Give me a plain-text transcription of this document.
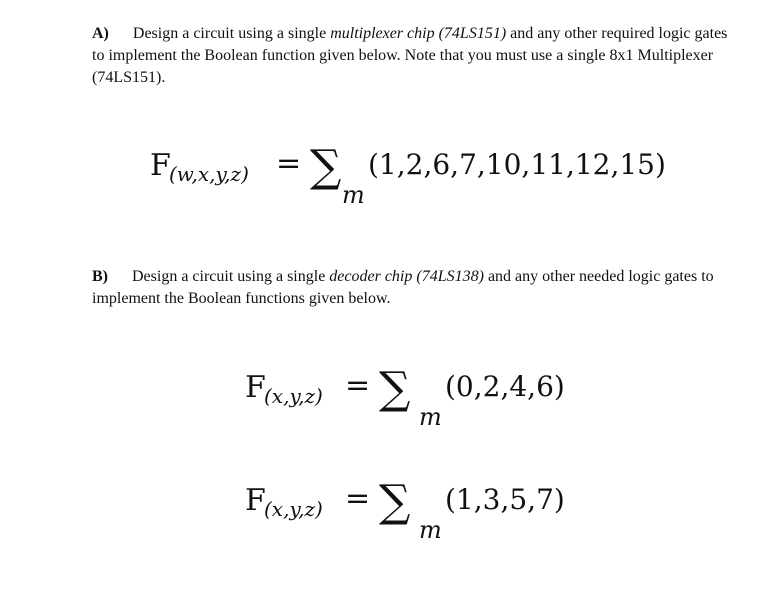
A) Design a circuit using a single multiplexer chip (74LS151) and any other required logic gates to implement the Boolean function given below. Note that you must use a single 8x1 Multiplexer (74LS151).
F
(w,x,y,z) = ∑
m
(1,2,6,7,10,11,12,15)
B) Design a circuit using a single decoder chip (74LS138) and any other needed logic gates to implement the Boolean functions given below.
F
(x,y,z) = ∑
m
(0,2,4,6)
F
(x,y,z) = ∑
m
(1,3,5,7)
